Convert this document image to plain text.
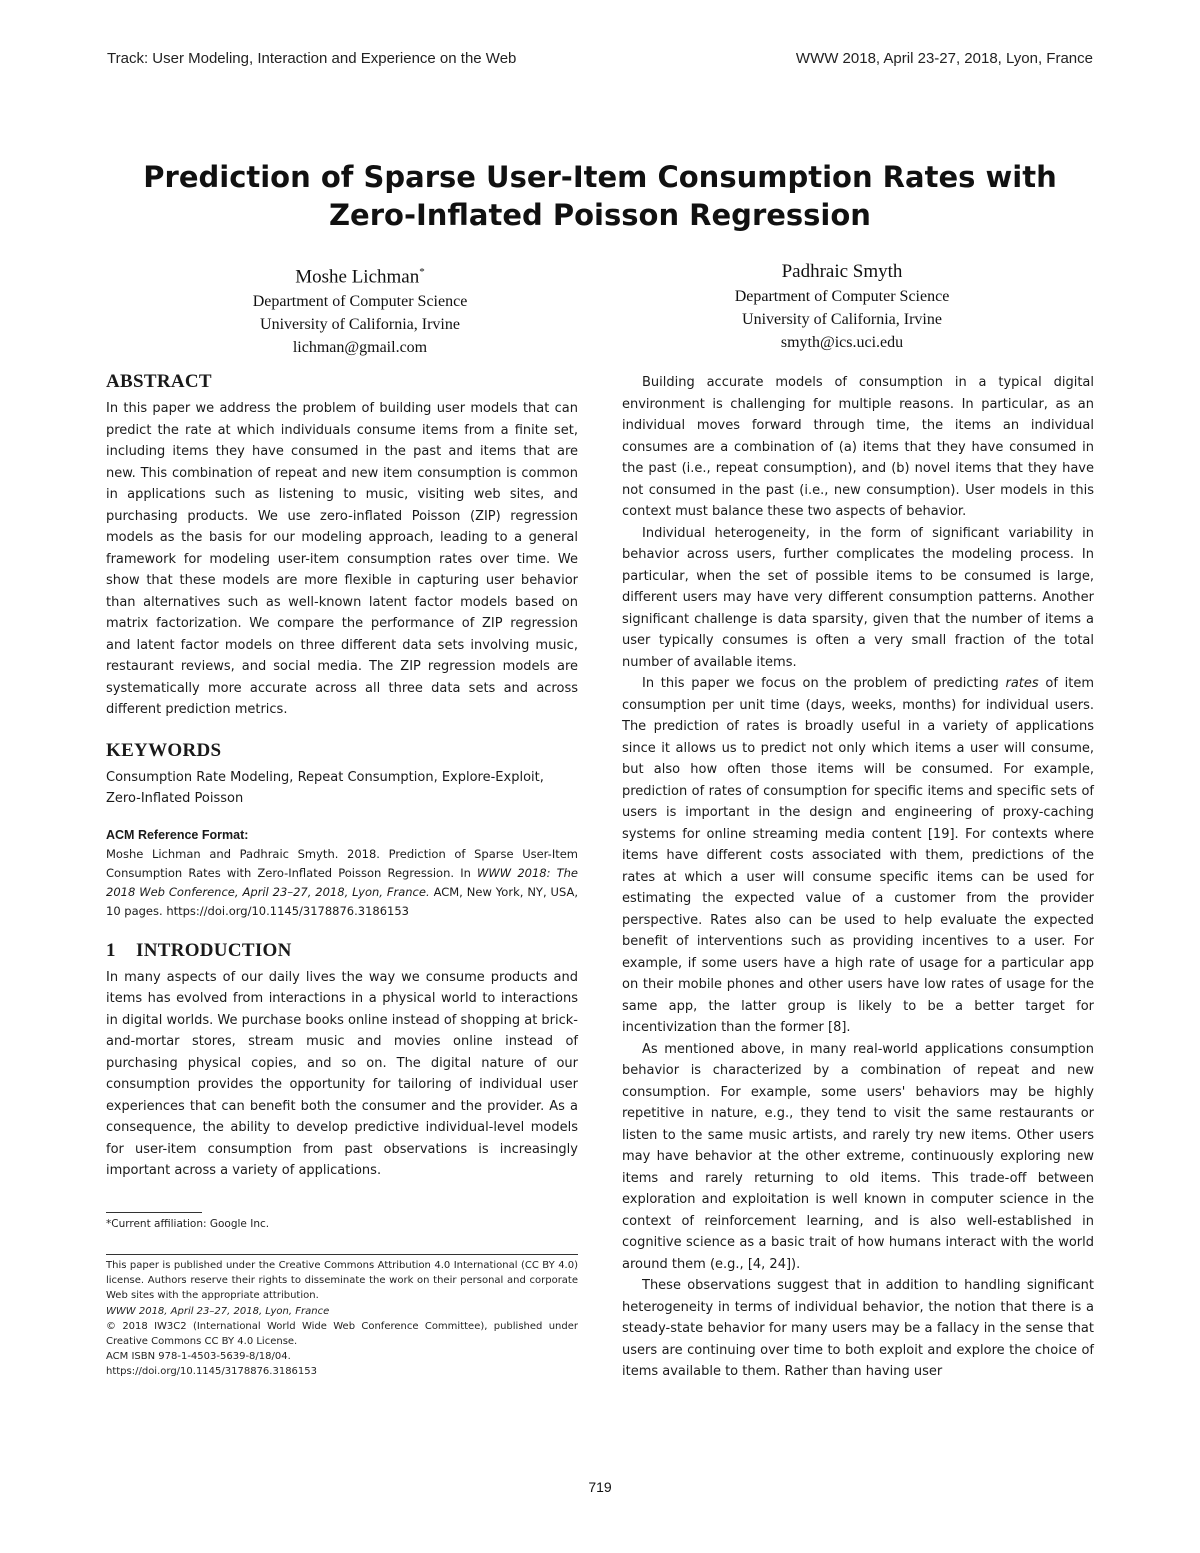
Track: User Modeling, Interaction and Experience on the Web	WWW 2018, April 23-27, 2018, Lyon, France
Prediction of Sparse User-Item Consumption Rates with
Zero-Inflated Poisson Regression
Moshe Lichman*
Department of Computer Science
University of California, Irvine
lichman@gmail.com
Padhraic Smyth
Department of Computer Science
University of California, Irvine
smyth@ics.uci.edu
ABSTRACT

In this paper we address the problem of building user models that can predict the rate at which individuals consume items from a finite set, including items they have consumed in the past and items that are new. This combination of repeat and new item consumption is common in applications such as listening to music, visiting web sites, and purchasing products. We use zero-inflated Poisson (ZIP) regression models as the basis for our modeling approach, leading to a general framework for modeling user-item consumption rates over time. We show that these models are more flexible in capturing user behavior than alternatives such as well-known latent factor models based on matrix factorization. We compare the performance of ZIP regression and latent factor models on three different data sets involving music, restaurant reviews, and social media. The ZIP regression models are systematically more accurate across all three data sets and across different prediction metrics.

KEYWORDS

Consumption Rate Modeling, Repeat Consumption, Explore-Exploit, Zero-Inflated Poisson

ACM Reference Format:

Moshe Lichman and Padhraic Smyth. 2018. Prediction of Sparse User-Item Consumption Rates with Zero-Inflated Poisson Regression. In WWW 2018: The 2018 Web Conference, April 23–27, 2018, Lyon, France. ACM, New York, NY, USA, 10 pages. https://doi.org/10.1145/3178876.3186153

1 INTRODUCTION

In many aspects of our daily lives the way we consume products and items has evolved from interactions in a physical world to interactions in digital worlds. We purchase books online instead of shopping at brick-and-mortar stores, stream music and movies online instead of purchasing physical copies, and so on. The digital nature of our consumption provides the opportunity for tailoring of individual user experiences that can benefit both the consumer and the provider. As a consequence, the ability to develop predictive individual-level models for user-item consumption from past observations is increasingly important across a variety of applications.

*Current affiliation: Google Inc.

This paper is published under the Creative Commons Attribution 4.0 International (CC BY 4.0) license. Authors reserve their rights to disseminate the work on their personal and corporate Web sites with the appropriate attribution.

WWW 2018, April 23–27, 2018, Lyon, France

© 2018 IW3C2 (International World Wide Web Conference Committee), published under Creative Commons CC BY 4.0 License.

ACM ISBN 978-1-4503-5639-8/18/04.

https://doi.org/10.1145/3178876.3186153

Building accurate models of consumption in a typical digital environment is challenging for multiple reasons. In particular, as an individual moves forward through time, the items an individual consumes are a combination of (a) items that they have consumed in the past (i.e., repeat consumption), and (b) novel items that they have not consumed in the past (i.e., new consumption). User models in this context must balance these two aspects of behavior.

Individual heterogeneity, in the form of significant variability in behavior across users, further complicates the modeling process. In particular, when the set of possible items to be consumed is large, different users may have very different consumption patterns. Another significant challenge is data sparsity, given that the number of items a user typically consumes is often a very small fraction of the total number of available items.

In this paper we focus on the problem of predicting rates of item consumption per unit time (days, weeks, months) for individual users. The prediction of rates is broadly useful in a variety of applications since it allows us to predict not only which items a user will consume, but also how often those items will be consumed. For example, prediction of rates of consumption for specific items and specific sets of users is important in the design and engineering of proxy-caching systems for online streaming media content [19]. For contexts where items have different costs associated with them, predictions of the rates at which a user will consume specific items can be used for estimating the expected value of a customer from the provider perspective. Rates also can be used to help evaluate the expected benefit of interventions such as providing incentives to a user. For example, if some users have a high rate of usage for a particular app on their mobile phones and other users have low rates of usage for the same app, the latter group is likely to be a better target for incentivization than the former [8].

As mentioned above, in many real-world applications consumption behavior is characterized by a combination of repeat and new consumption. For example, some users' behaviors may be highly repetitive in nature, e.g., they tend to visit the same restaurants or listen to the same music artists, and rarely try new items. Other users may have behavior at the other extreme, continuously exploring new items and rarely returning to old items. This trade-off between exploration and exploitation is well known in computer science in the context of reinforcement learning, and is also well-established in cognitive science as a basic trait of how humans interact with the world around them (e.g., [4, 24]).

These observations suggest that in addition to handling significant heterogeneity in terms of individual behavior, the notion that there is a steady-state behavior for many users may be a fallacy in the sense that users are continuing over time to both exploit and explore the choice of items available to them. Rather than having user

719
